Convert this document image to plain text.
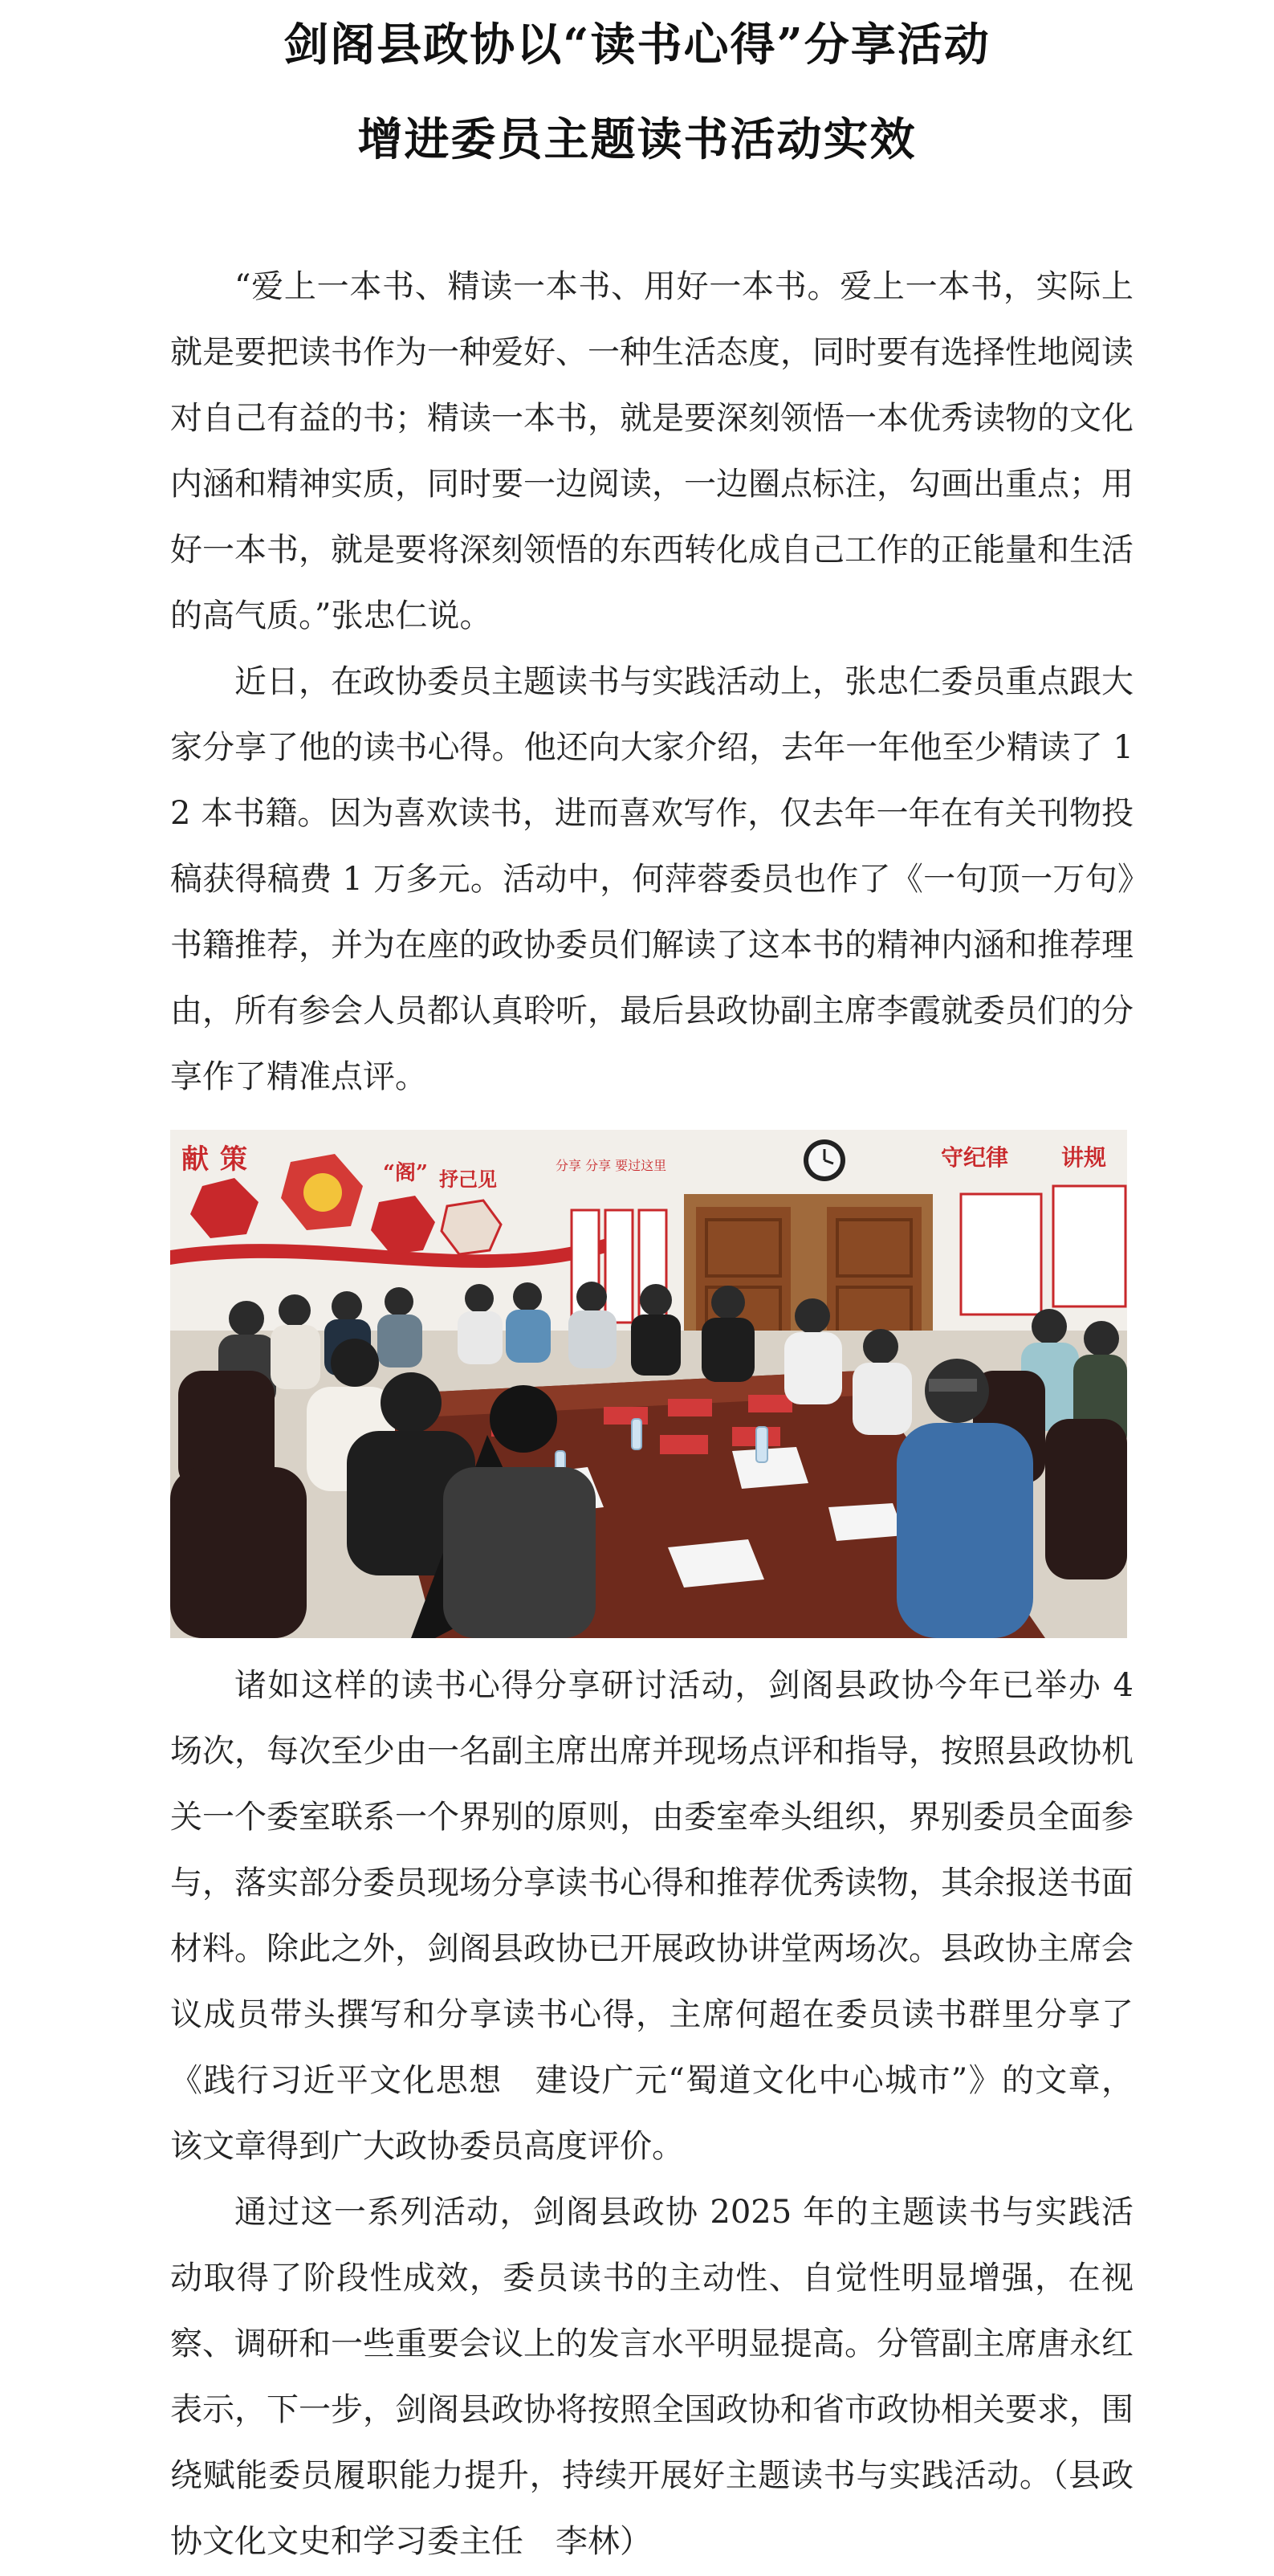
剑阁县政协以“读书心得”分享活动
增进委员主题读书活动实效

“爱上一本书、精读一本书、用好一本书。爱上一本书，实际上就是要把读书作为一种爱好、一种生活态度，同时要有选择性地阅读对自己有益的书；精读一本书，就是要深刻领悟一本优秀读物的文化内涵和精神实质，同时要一边阅读，一边圈点标注，勾画出重点；用好一本书，就是要将深刻领悟的东西转化成自己工作的正能量和生活的高气质。”张忠仁说。

近日，在政协委员主题读书与实践活动上，张忠仁委员重点跟大家分享了他的读书心得。他还向大家介绍，去年一年他至少精读了 12 本书籍。因为喜欢读书，进而喜欢写作，仅去年一年在有关刊物投稿获得稿费 1 万多元。活动中，何萍蓉委员也作了《一句顶一万句》书籍推荐，并为在座的政协委员们解读了这本书的精神内涵和推荐理由，所有参会人员都认真聆听，最后县政协副主席李霞就委员们的分享作了精准点评。

献 策	“阁” 抒己见
分享 分享 要过这里	守纪律 讲规

诸如这样的读书心得分享研讨活动，剑阁县政协今年已举办 4 场次，每次至少由一名副主席出席并现场点评和指导，按照县政协机关一个委室联系一个界别的原则，由委室牵头组织，界别委员全面参与，落实部分委员现场分享读书心得和推荐优秀读物，其余报送书面材料。除此之外，剑阁县政协已开展政协讲堂两场次。县政协主席会议成员带头撰写和分享读书心得，主席何超在委员读书群里分享了《践行习近平文化思想　建设广元“蜀道文化中心城市”》的文章，该文章得到广大政协委员高度评价。

通过这一系列活动，剑阁县政协 2025 年的主题读书与实践活动取得了阶段性成效，委员读书的主动性、自觉性明显增强，在视察、调研和一些重要会议上的发言水平明显提高。分管副主席唐永红表示，下一步，剑阁县政协将按照全国政协和省市政协相关要求，围绕赋能委员履职能力提升，持续开展好主题读书与实践活动。（县政协文化文史和学习委主任　李林）
